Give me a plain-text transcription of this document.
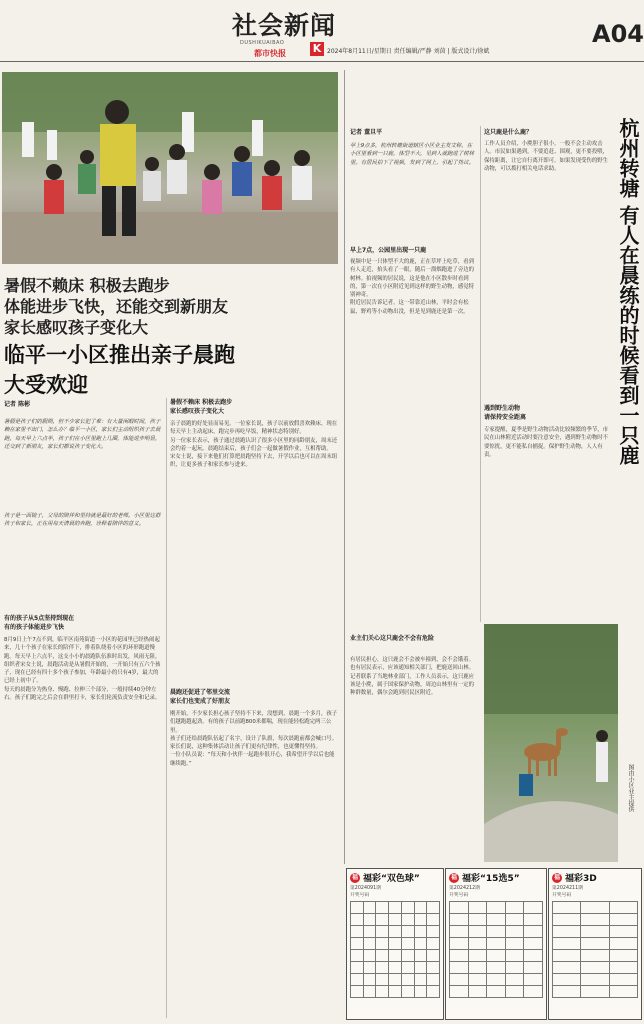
社会新闻
DUSHIKUAIBAO
都市快报 K 2024年8月11日/星期日 责任编辑/严静 刘茵 | 版式设计/徐斌
A04
暑假不赖床 积极去跑步
体能进步飞快，还能交到新朋友
家长感叹孩子变化大
临平一小区推出亲子晨跑
大受欢迎
记者 陈彬
暑假是孩子们的假期，但不少家长犯了难：有大量闲暇时间，孩子赖在家里不出门，怎么办？临平一小区，家长们主动组织孩子去晨跑，每天早上六点半，孩子们在小区里跑上几圈，体能进步明显，还交到了新朋友，家长们都说孩子变化大。
孩子是一面镜子，父母的陪伴和坚持就是最好的老师。小区里这群孩子和家长，正在用每天清晨的奔跑，诠释着陪伴的意义。
有的孩子从5点坚持到现在
有的孩子体能进步飞快
8月9日上午7点不到，临平区南苑街道一小区的花园里已经热闹起来，几十个孩子在家长的陪伴下，排着队绕着小区的环形跑道慢跑。每天早上六点半，这支小小的晨跑队伍准时出发，风雨无阻。
组织者宋女士说，晨跑活动是从暑假开始的，一开始只有五六个孩子，现在已经有四十多个孩子参加，年龄最小的只有4岁，最大的已经上初中了。
每天的晨跑分为热身、慢跑、拉伸三个部分，一般持续40分钟左右。孩子们跑完之后会在群里打卡，家长们轮流负责安全和记录。
暑假不赖床 积极去跑步
家长感叹孩子变化大
亲子晨跑的好处显而易见。一位家长说，孩子以前放假喜欢赖床，现在每天早上主动起床，跑完步再吃早饭，精神状态特别好。
另一位家长表示，孩子通过晨跑认识了很多小区里的同龄朋友，周末还会约着一起玩。晨跑结束后，孩子们会一起做暑假作业，互相帮助。
宋女士说，接下来他们打算把晨跑坚持下去，开学以后也可以在周末组织，让更多孩子和家长参与进来。
晨跑还促进了邻里交流
家长们也变成了好朋友
刚开始，不少家长担心孩子坚持不下来，没想到，晨跑一个多月，孩子们越跑越起劲。有的孩子以前跑800米都喘，现在能轻松跑完两三公里。
孩子们还给晨跑队伍起了名字，设计了队旗，每次晨跑前都会喊口号。家长们说，这种集体活动让孩子们更有纪律性，也更懂得坚持。
一位小队员说：“每天和小伙伴一起跑步很开心，我希望开学以后也能继续跑。”
杭州转塘 有人在晨练的时候看到一只鹿
记者 董旦平
早上9点多，杭州转塘街道辖区小区业主发文称，在小区里看到一只鹿，体型不大，见到人就跑进了树林里。有居民拍下了视频，发到了网上，引起了热议。
早上7点，公园里出现一只鹿
视频中是一只体型不大的鹿，正在草坪上吃草，看到有人走近，抬头看了一眼，随后一溜烟跑进了旁边的树林。拍视频的居民说，这是他在小区散步时看到的，第一次在小区附近见到这样的野生动物，感觉特别神奇。
附近居民告诉记者，这一带靠近山林，平时会有松鼠、野鸡等小动物出没，但是见到鹿还是第一次。
业主们关心这只鹿会不会有危险
有居民担心，这只鹿会不会被车撞到，会不会饿着。也有居民表示，应该通知相关部门，把鹿送回山林。
记者联系了当地林业部门，工作人员表示，这只鹿应该是小麂，属于国家保护动物，周边山林里有一定的种群数量，偶尔会跑到居民区附近。
这只鹿是什么鹿？
工作人员介绍，小麂胆子很小，一般不会主动攻击人。市民如果遇到，不要追赶、围观，更不要投喂，保持距离，让它自行离开即可。如果发现受伤的野生动物，可以拨打相关电话求助。
遇到野生动物
请保持安全距离
专家提醒，夏季是野生动物活动比较频繁的季节，市民在山林附近活动时要注意安全，遇到野生动物时不要惊扰，更不能私自捕捉。保护野生动物，人人有责。
图由小区业主提供
福 福彩“双色球”
第2024091期
开奖号码

福 福彩“15选5”
第2024212期
开奖号码

福 福彩3D
第2024211期
开奖号码
